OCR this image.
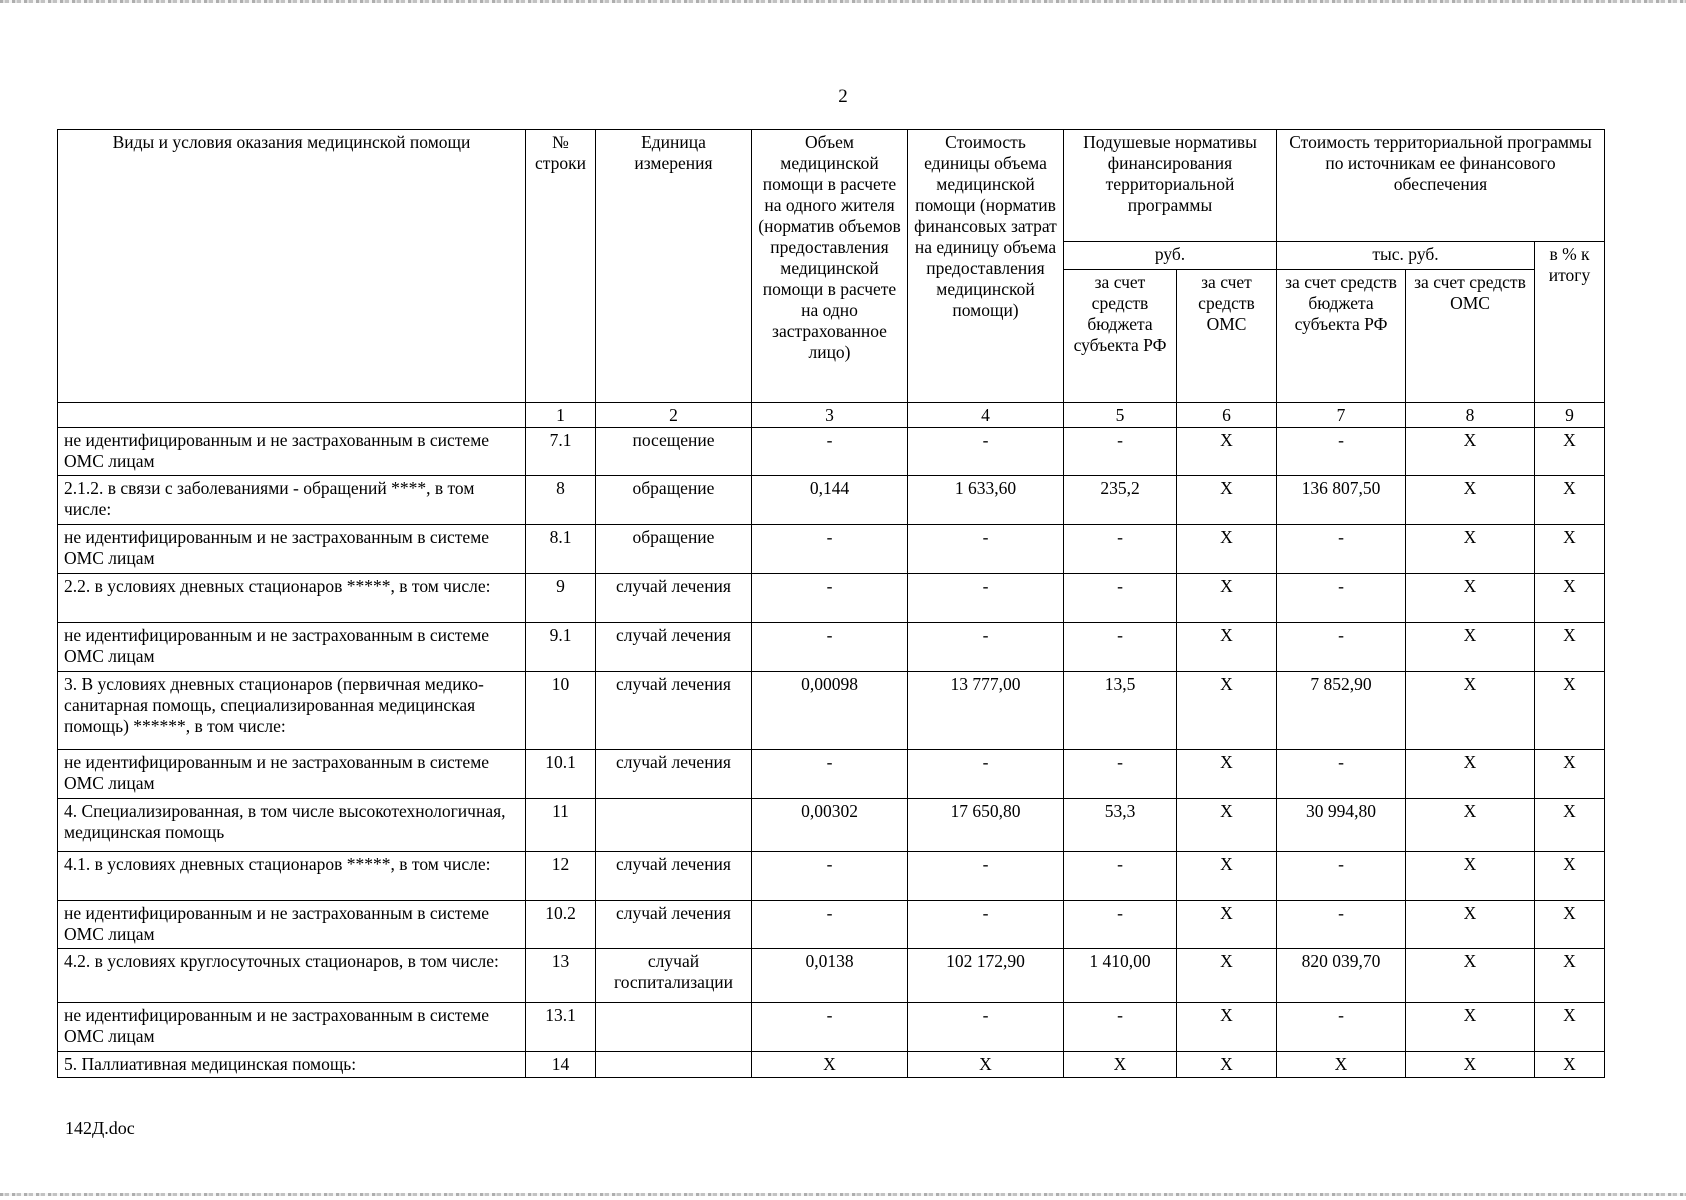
2
Виды и условия оказания медицинской помощи	№ строки	Единица измерения	Объем медицинской помощи в расчете на одного жителя (норматив объемов предоставления медицинской помощи в расчете на одно застрахованное лицо)	Стоимость единицы объема медицинской помощи (норматив финансовых затрат на единицу объема предоставления медицинской помощи)	Подушевые нормативы финансирования территориальной программы		Стоимость территориальной программы по источникам ее финансового обеспечения		
					руб.		тыс. руб.		в % к итогу
					за счет средств бюджета субъекта РФ	за счет средств ОМС	за счет средств бюджета субъекта РФ	за счет средств ОМС	
	1	2	3	4	5	6	7	8	9
не идентифицированным и не застрахованным в системе ОМС лицам	7.1	посещение	-	-	-	X	-	X	X
2.1.2. в связи с заболеваниями - обращений ****, в том числе:	8	обращение	0,144	1 633,60	235,2	X	136 807,50	X	X
не идентифицированным и не застрахованным в системе ОМС лицам	8.1	обращение	-	-	-	X	-	X	X
2.2. в условиях дневных стационаров *****, в том числе:	9	случай лечения	-	-	-	X	-	X	X
не идентифицированным и не застрахованным в системе ОМС лицам	9.1	случай лечения	-	-	-	X	-	X	X
3. В условиях дневных стационаров (первичная медико-санитарная помощь, специализированная медицинская помощь) ******, в том числе:	10	случай лечения	0,00098	13 777,00	13,5	X	7 852,90	X	X
не идентифицированным и не застрахованным в системе ОМС лицам	10.1	случай лечения	-	-	-	X	-	X	X
4. Специализированная, в том числе высокотехнологичная, медицинская помощь	11		0,00302	17 650,80	53,3	X	30 994,80	X	X
4.1. в условиях дневных стационаров *****, в том числе:	12	случай лечения	-	-	-	X	-	X	X
не идентифицированным и не застрахованным в системе ОМС лицам	10.2	случай лечения	-	-	-	X	-	X	X
4.2. в условиях круглосуточных стационаров, в том числе:	13	случай госпитализации	0,0138	102 172,90	1 410,00	X	820 039,70	X	X
не идентифицированным и не застрахованным в системе ОМС лицам	13.1		-	-	-	X	-	X	X
5. Паллиативная медицинская помощь:	14		X	X	X	X	X	X	X
142Д.doc
